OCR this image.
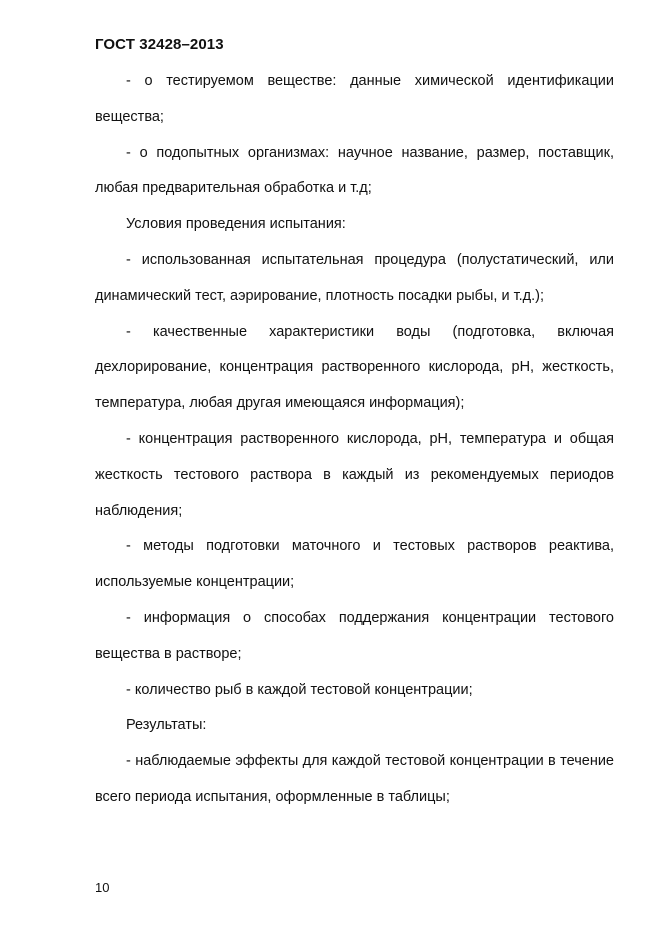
ГОСТ 32428–2013

- о тестируемом веществе: данные химической идентификации вещества;

- о подопытных организмах: научное название, размер, поставщик, любая предварительная обработка и т.д;

Условия проведения испытания:

- использованная испытательная процедура (полустатический, или динамический тест, аэрирование, плотность посадки рыбы, и т.д.);

- качественные характеристики воды (подготовка, включая дехлорирование, концентрация растворенного кислорода, pH, жесткость, температура, любая другая имеющаяся информация);

- концентрация растворенного кислорода, pH, температура и общая жесткость тестового раствора в каждый из рекомендуемых периодов наблюдения;

- методы подготовки маточного и тестовых растворов реактива, используемые концентрации;

- информация о способах поддержания концентрации тестового вещества в растворе;

- количество рыб в каждой тестовой концентрации;

Результаты:

- наблюдаемые эффекты для каждой тестовой концентрации в течение всего периода испытания, оформленные в таблицы;

10
